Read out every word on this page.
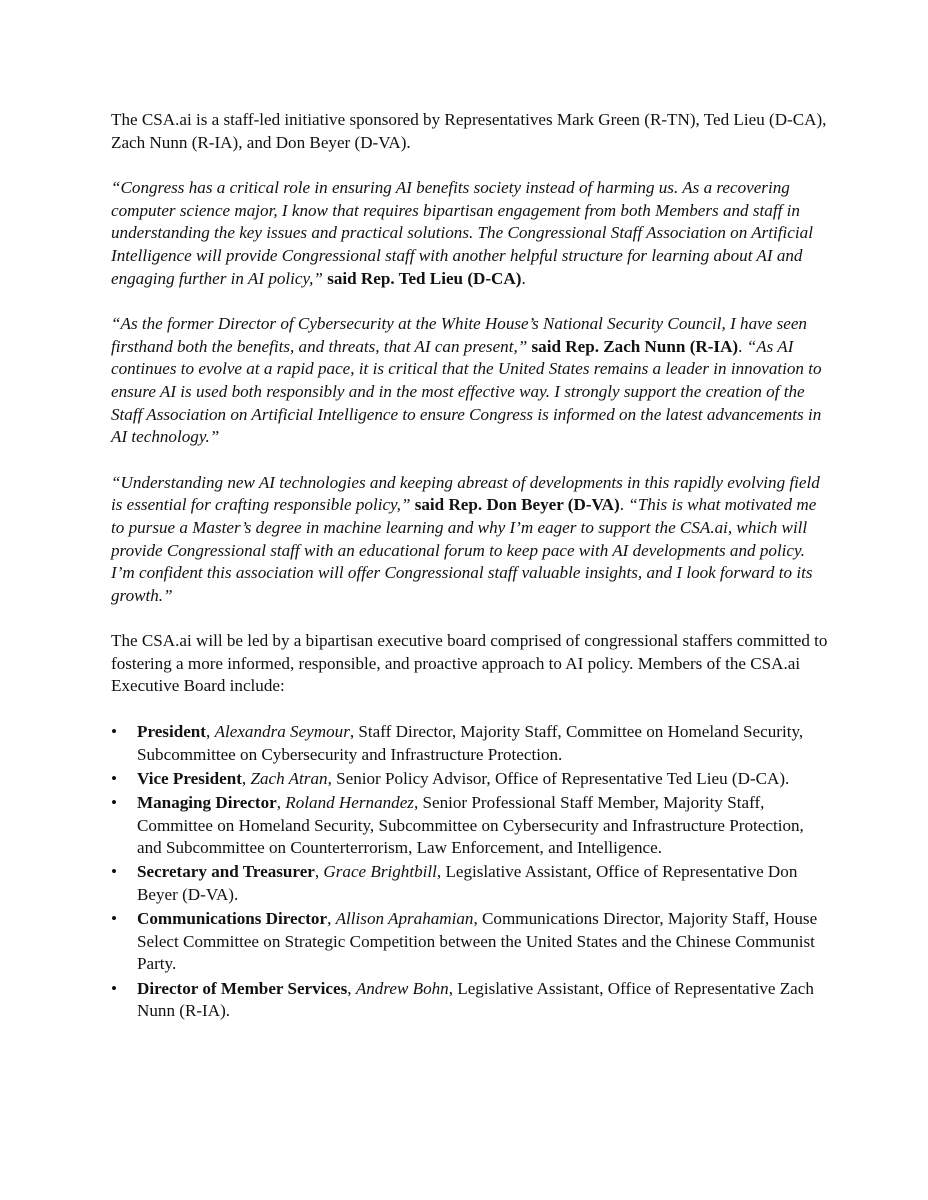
The CSA.ai is a staff-led initiative sponsored by Representatives Mark Green (R-TN), Ted Lieu (D-CA), Zach Nunn (R-IA), and Don Beyer (D-VA).

“Congress has a critical role in ensuring AI benefits society instead of harming us. As a recovering computer science major, I know that requires bipartisan engagement from both Members and staff in understanding the key issues and practical solutions. The Congressional Staff Association on Artificial Intelligence will provide Congressional staff with another helpful structure for learning about AI and engaging further in AI policy,” said Rep. Ted Lieu (D-CA).

“As the former Director of Cybersecurity at the White House’s National Security Council, I have seen firsthand both the benefits, and threats, that AI can present,” said Rep. Zach Nunn (R-IA). “As AI continues to evolve at a rapid pace, it is critical that the United States remains a leader in innovation to ensure AI is used both responsibly and in the most effective way. I strongly support the creation of the Staff Association on Artificial Intelligence to ensure Congress is informed on the latest advancements in AI technology.”

“Understanding new AI technologies and keeping abreast of developments in this rapidly evolving field is essential for crafting responsible policy,” said Rep. Don Beyer (D-VA). “This is what motivated me to pursue a Master’s degree in machine learning and why I’m eager to support the CSA.ai, which will provide Congressional staff with an educational forum to keep pace with AI developments and policy. I’m confident this association will offer Congressional staff valuable insights, and I look forward to its growth.”

The CSA.ai will be led by a bipartisan executive board comprised of congressional staffers committed to fostering a more informed, responsible, and proactive approach to AI policy. Members of the CSA.ai Executive Board include:

• President, Alexandra Seymour, Staff Director, Majority Staff, Committee on Homeland Security, Subcommittee on Cybersecurity and Infrastructure Protection.
• Vice President, Zach Atran, Senior Policy Advisor, Office of Representative Ted Lieu (D-CA).
• Managing Director, Roland Hernandez, Senior Professional Staff Member, Majority Staff, Committee on Homeland Security, Subcommittee on Cybersecurity and Infrastructure Protection, and Subcommittee on Counterterrorism, Law Enforcement, and Intelligence.
• Secretary and Treasurer, Grace Brightbill, Legislative Assistant, Office of Representative Don Beyer (D-VA).
• Communications Director, Allison Aprahamian, Communications Director, Majority Staff, House Select Committee on Strategic Competition between the United States and the Chinese Communist Party.
• Director of Member Services, Andrew Bohn, Legislative Assistant, Office of Representative Zach Nunn (R-IA).
